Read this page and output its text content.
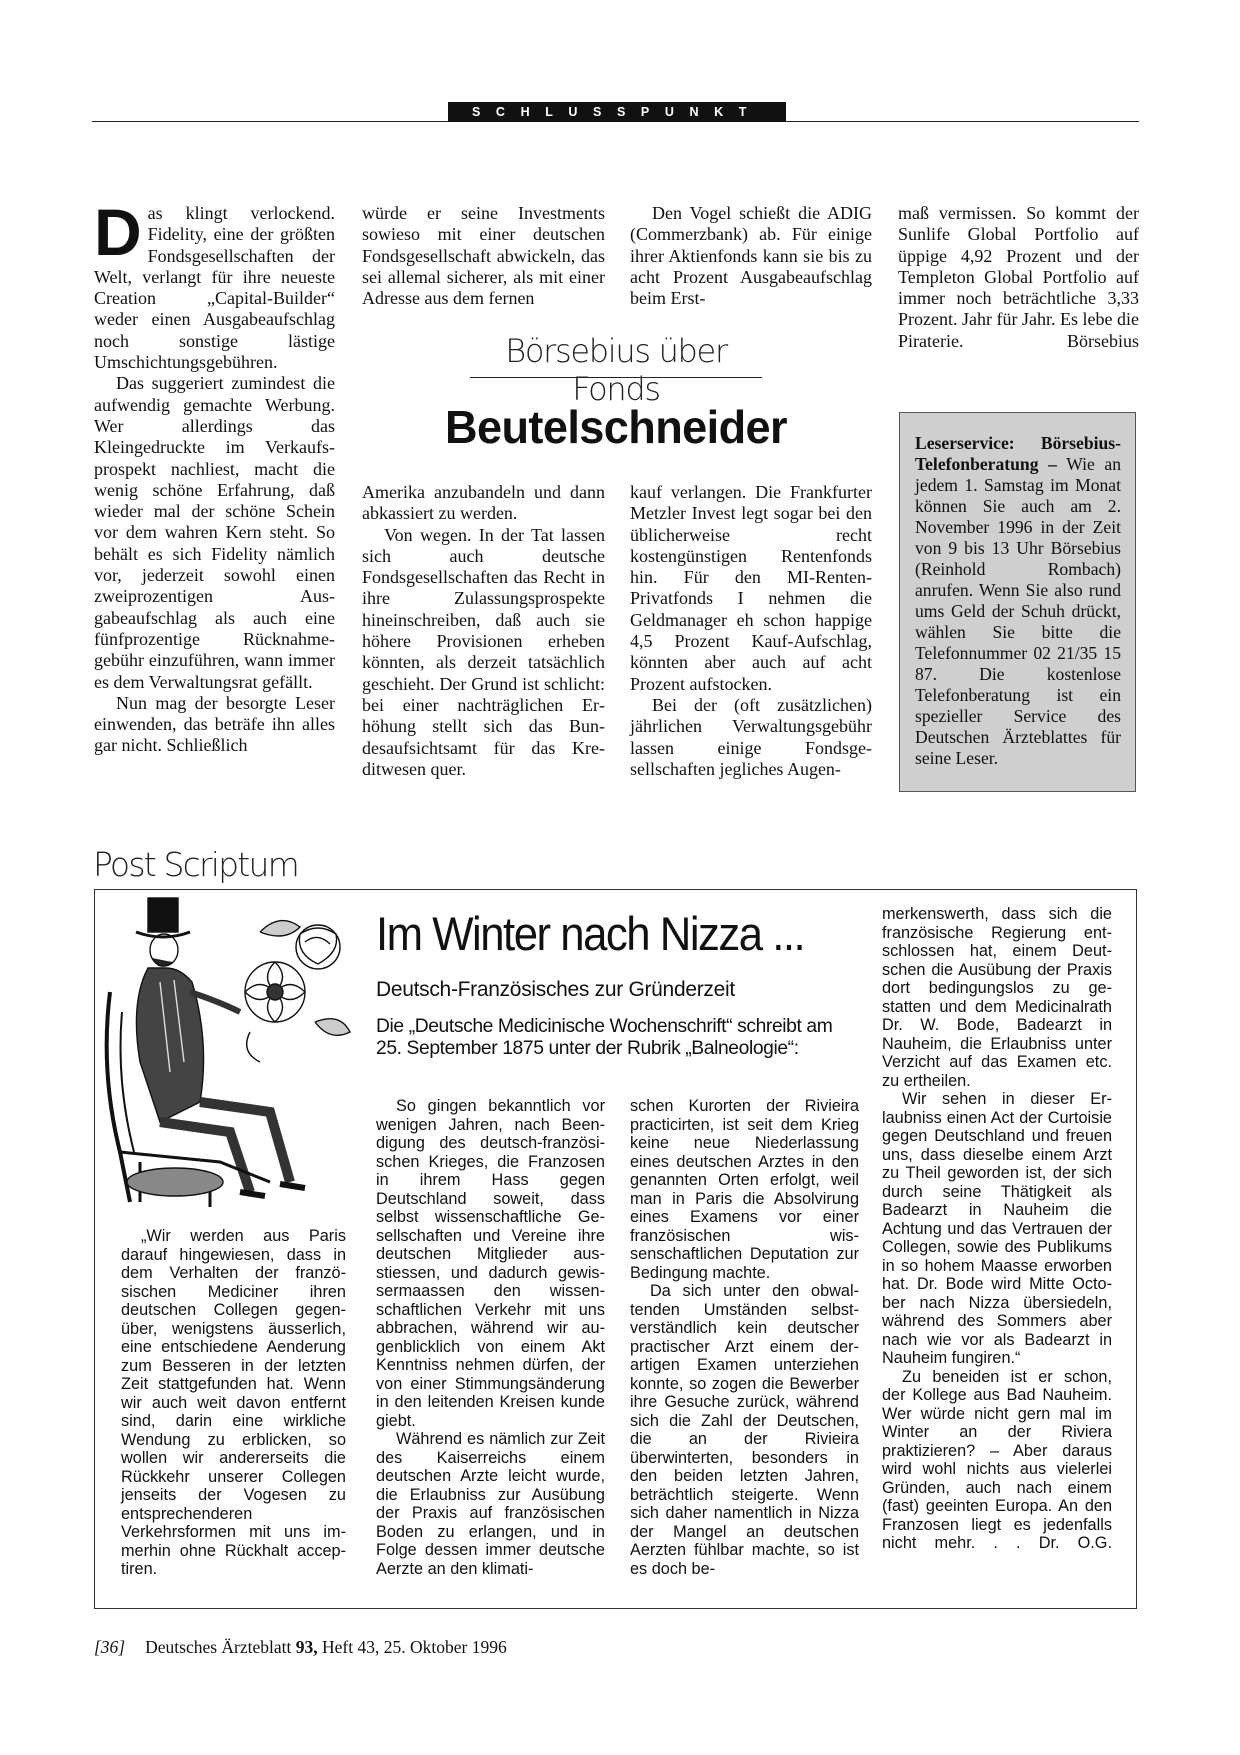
SCHLUSSPUNKT
D as klingt verlockend. Fidelity, eine der größten Fondsgesellschaften der Welt, verlangt für ihre neueste Creation „Capital-Builder“ weder einen Ausgabeaufschlag noch sonstige lästige Umschichtungsgebühren.

Das suggeriert zumindest die aufwendig gemachte Werbung. Wer allerdings das Kleingedruckte im Verkaufsprospekt nachliest, macht die wenig schöne Erfahrung, daß wieder mal der schöne Schein vor dem wahren Kern steht. So behält es sich Fidelity nämlich vor, jederzeit sowohl einen zweiprozentigen Ausgabeaufschlag als auch eine fünfprozentige Rücknahmegebühr einzuführen, wann immer es dem Verwaltungsrat gefällt.

Nun mag der besorgte Leser einwenden, das beträfe ihn alles gar nicht. Schließlich

würde er seine Investments sowieso mit einer deutschen Fondsgesellschaft abwickeln, das sei allemal sicherer, als mit einer Adresse aus dem fernen

Den Vogel schießt die ADIG (Commerzbank) ab. Für einige ihrer Aktienfonds kann sie bis zu acht Prozent Ausgabeaufschlag beim Erst-

maß vermissen. So kommt der Sunlife Global Portfolio auf üppige 4,92 Prozent und der Templeton Global Portfolio auf immer noch beträchtliche 3,33 Prozent. Jahr für Jahr. Es lebe die Piraterie.	Börsebius

Börsebius über Fonds
Beutelschneider

Amerika anzubandeln und dann abkassiert zu werden.

Von wegen. In der Tat lassen sich auch deutsche Fondsgesellschaften das Recht in ihre Zulassungsprospekte hineinschreiben, daß auch sie höhere Provisionen erheben könnten, als derzeit tatsächlich geschieht. Der Grund ist schlicht: bei einer nachträglichen Erhöhung stellt sich das Bundesaufsichtsamt für das Kreditwesen quer.

kauf verlangen. Die Frankfurter Metzler Invest legt sogar bei den üblicherweise recht kostengünstigen Rentenfonds hin. Für den MI-Renten-Privatfonds I nehmen die Geldmanager eh schon happige 4,5 Prozent Kauf-Aufschlag, könnten aber auch auf acht Prozent aufstocken.

Bei der (oft zusätzlichen) jährlichen Verwaltungsgebühr lassen einige Fondsgesellschaften jegliches Augen-

Leserservice: Börsebius-Telefonberatung – Wie an jedem 1. Samstag im Monat können Sie auch am 2. November 1996 in der Zeit von 9 bis 13 Uhr Börsebius (Reinhold Rombach) anrufen. Wenn Sie also rund ums Geld der Schuh drückt, wählen Sie bitte die Telefonnummer 02 21/35 15 87. Die kostenlose Telefonberatung ist ein spezieller Service des Deutschen Ärzteblattes für seine Leser.
Post Scriptum
Im Winter nach Nizza ...
Deutsch-Französisches zur Gründerzeit
Die „Deutsche Medicinische Wochenschrift“ schreibt am 25. September 1875 unter der Rubrik „Balneologie“:

„Wir werden aus Paris darauf hingewiesen, dass in dem Verhalten der französischen Mediciner ihren deutschen Collegen gegenüber, wenigstens äusserlich, eine entschiedene Aenderung zum Besseren in der letzten Zeit stattgefunden hat. Wenn wir auch weit davon entfernt sind, darin eine wirkliche Wendung zu erblicken, so wollen wir andererseits die Rückkehr unserer Collegen jenseits der Vogesen zu entsprechenderen Verkehrsformen mit uns immerhin ohne Rückhalt acceptiren.

So gingen bekanntlich vor wenigen Jahren, nach Beendigung des deutsch-französischen Krieges, die Franzosen in ihrem Hass gegen Deutschland soweit, dass selbst wissenschaftliche Gesellschaften und Vereine ihre deutschen Mitglieder ausstiessen, und dadurch gewissermaassen den wissenschaftlichen Verkehr mit uns abbrachen, während wir augenblicklich von einem Akt Kenntniss nehmen dürfen, der von einer Stimmungsänderung in den leitenden Kreisen kunde giebt.

Während es nämlich zur Zeit des Kaiserreichs einem deutschen Arzte leicht wurde, die Erlaubniss zur Ausübung der Praxis auf französischen Boden zu erlangen, und in Folge dessen immer deutsche Aerzte an den klimati-

schen Kurorten der Rivieira practicirten, ist seit dem Krieg keine neue Niederlassung eines deutschen Arztes in den genannten Orten erfolgt, weil man in Paris die Absolvirung eines Examens vor einer französischen wissenschaftlichen Deputation zur Bedingung machte.

Da sich unter den obwaltenden Umständen selbstverständlich kein deutscher practischer Arzt einem derartigen Examen unterziehen konnte, so zogen die Bewerber ihre Gesuche zurück, während sich die Zahl der Deutschen, die an der Rivieira überwinterten, besonders in den beiden letzten Jahren, beträchtlich steigerte. Wenn sich daher namentlich in Nizza der Mangel an deutschen Aerzten fühlbar machte, so ist es doch be-

merkenswerth, dass sich die französische Regierung entschlossen hat, einem Deutschen die Ausübung der Praxis dort bedingungslos zu gestatten und dem Medicinalrath Dr. W. Bode, Badearzt in Nauheim, die Erlaubniss unter Verzicht auf das Examen etc. zu ertheilen.

Wir sehen in dieser Erlaubniss einen Act der Curtoisie gegen Deutschland und freuen uns, dass dieselbe einem Arzt zu Theil geworden ist, der sich durch seine Thätigkeit als Badearzt in Nauheim die Achtung und das Vertrauen der Collegen, sowie des Publikums in so hohem Maasse erworben hat. Dr. Bode wird Mitte October nach Nizza übersiedeln, während des Sommers aber nach wie vor als Badearzt in Nauheim fungiren.“

Zu beneiden ist er schon, der Kollege aus Bad Nauheim. Wer würde nicht gern mal im Winter an der Riviera praktizieren? – Aber daraus wird wohl nichts aus vielerlei Gründen, auch nach einem (fast) geeinten Europa. An den Franzosen liegt es jedenfalls nicht mehr. . . Dr. O.G.

[36] Deutsches Ärzteblatt 93, Heft 43, 25. Oktober 1996
